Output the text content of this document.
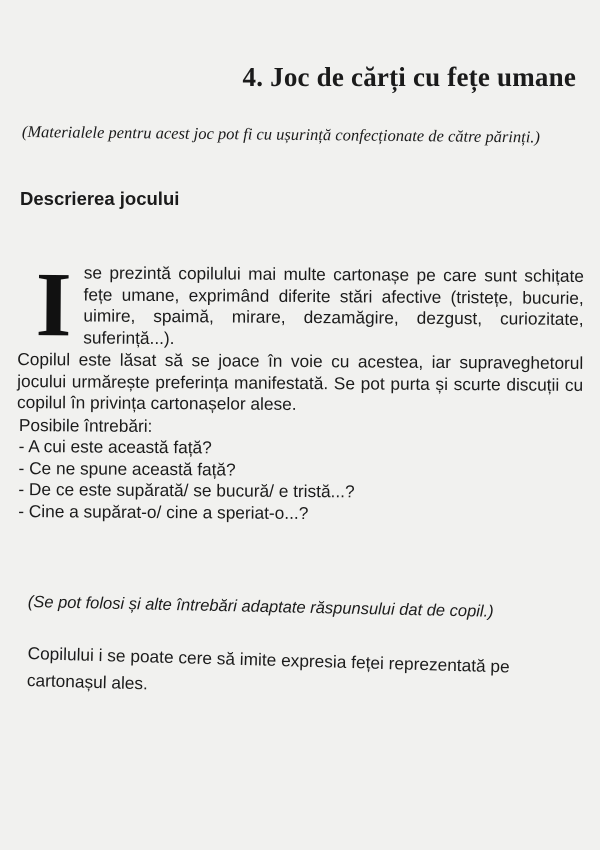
4. Joc de cărți cu fețe umane
(Materialele pentru acest joc pot fi cu ușurință confecționate de către părinți.)
Descrierea jocului

I se prezintă copilului mai multe cartonașe pe care sunt schițate fețe umane, exprimând diferite stări afective (tristețe, bucurie, uimire, spaimă, mirare, dezamăgire, dezgust, curiozitate, suferință...).

Copilul este lăsat să se joace în voie cu acestea, iar supraveghetorul jocului urmărește preferința manifestată. Se pot purta și scurte discuții cu copilul în privința cartonașelor alese.

Posibile întrebări:
- A cui este această față?
- Ce ne spune această față?
- De ce este supărată/ se bucură/ e tristă...?
- Cine a supărat-o/ cine a speriat-o...?
(Se pot folosi și alte întrebări adaptate răspunsului dat de copil.)
Copilului i se poate cere să imite expresia feței reprezentată pe cartonașul ales.
